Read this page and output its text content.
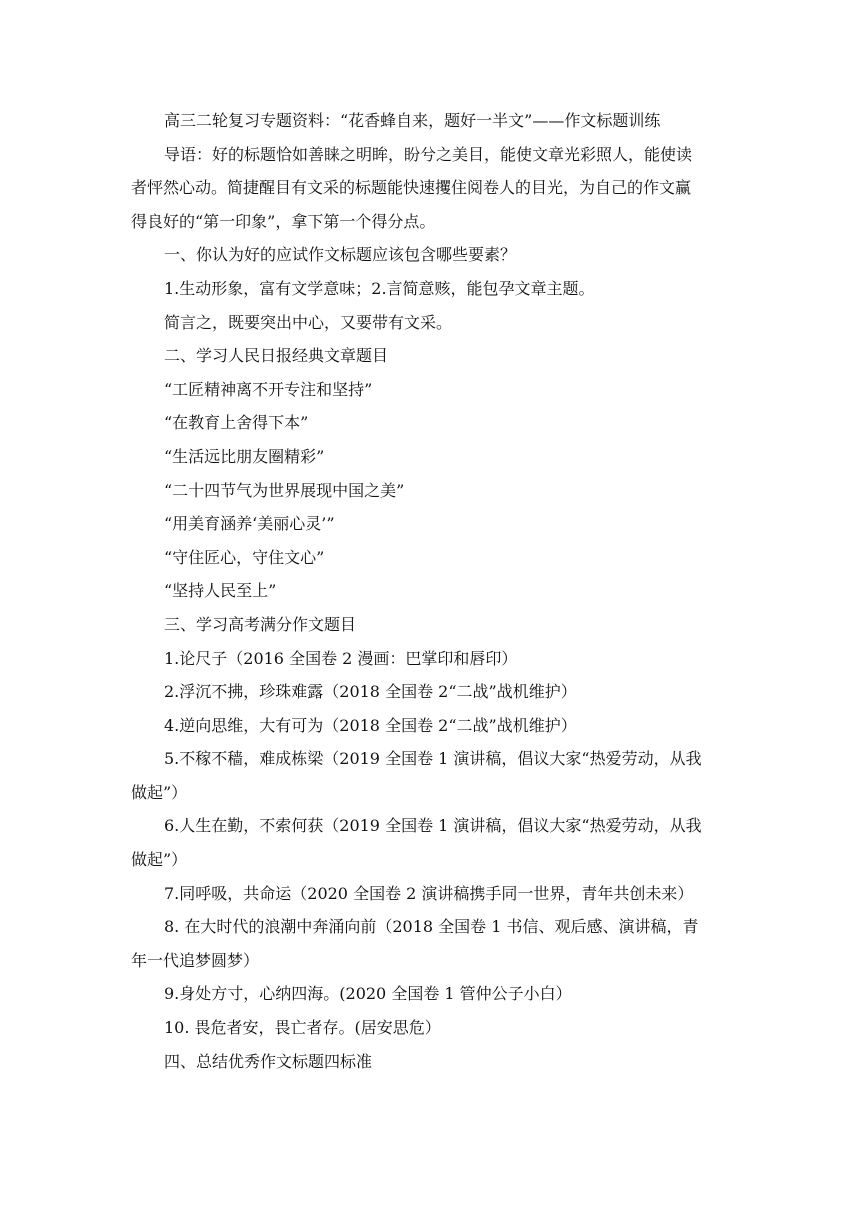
高三二轮复习专题资料：“花香蜂自来，题好一半文”——作文标题训练
导语：好的标题恰如善睐之明眸，盼兮之美目，能使文章光彩照人，能使读
者怦然心动。简捷醒目有文采的标题能快速攫住阅卷人的目光，为自己的作文赢
得良好的“第一印象”，拿下第一个得分点。
一、你认为好的应试作文标题应该包含哪些要素？
1.生动形象，富有文学意味；2.言简意赅，能包孕文章主题。
简言之，既要突出中心，又要带有文采。
二、学习人民日报经典文章题目
“工匠精神离不开专注和坚持”
“在教育上舍得下本”
“生活远比朋友圈精彩”
“二十四节气为世界展现中国之美”
“用美育涵养‘美丽心灵’”
“守住匠心，守住文心”
“坚持人民至上”
三、学习高考满分作文题目
1.论尺子（2016 全国卷 2 漫画：巴掌印和唇印）
2.浮沉不拂，珍珠难露（2018 全国卷 2“二战”战机维护）
4.逆向思维，大有可为（2018 全国卷 2“二战”战机维护）
5.不稼不穑，难成栋梁（2019 全国卷 1 演讲稿，倡议大家“热爱劳动，从我
做起”）
6.人生在勤，不索何获（2019 全国卷 1 演讲稿，倡议大家“热爱劳动，从我
做起”）
7.同呼吸，共命运（2020 全国卷 2 演讲稿携手同一世界，青年共创未来）
8. 在大时代的浪潮中奔涌向前（2018 全国卷 1 书信、观后感、演讲稿，青
年一代追梦圆梦）
9.身处方寸，心纳四海。(2020 全国卷 1 管仲公子小白）
10. 畏危者安，畏亡者存。(居安思危）
四、总结优秀作文标题四标准
